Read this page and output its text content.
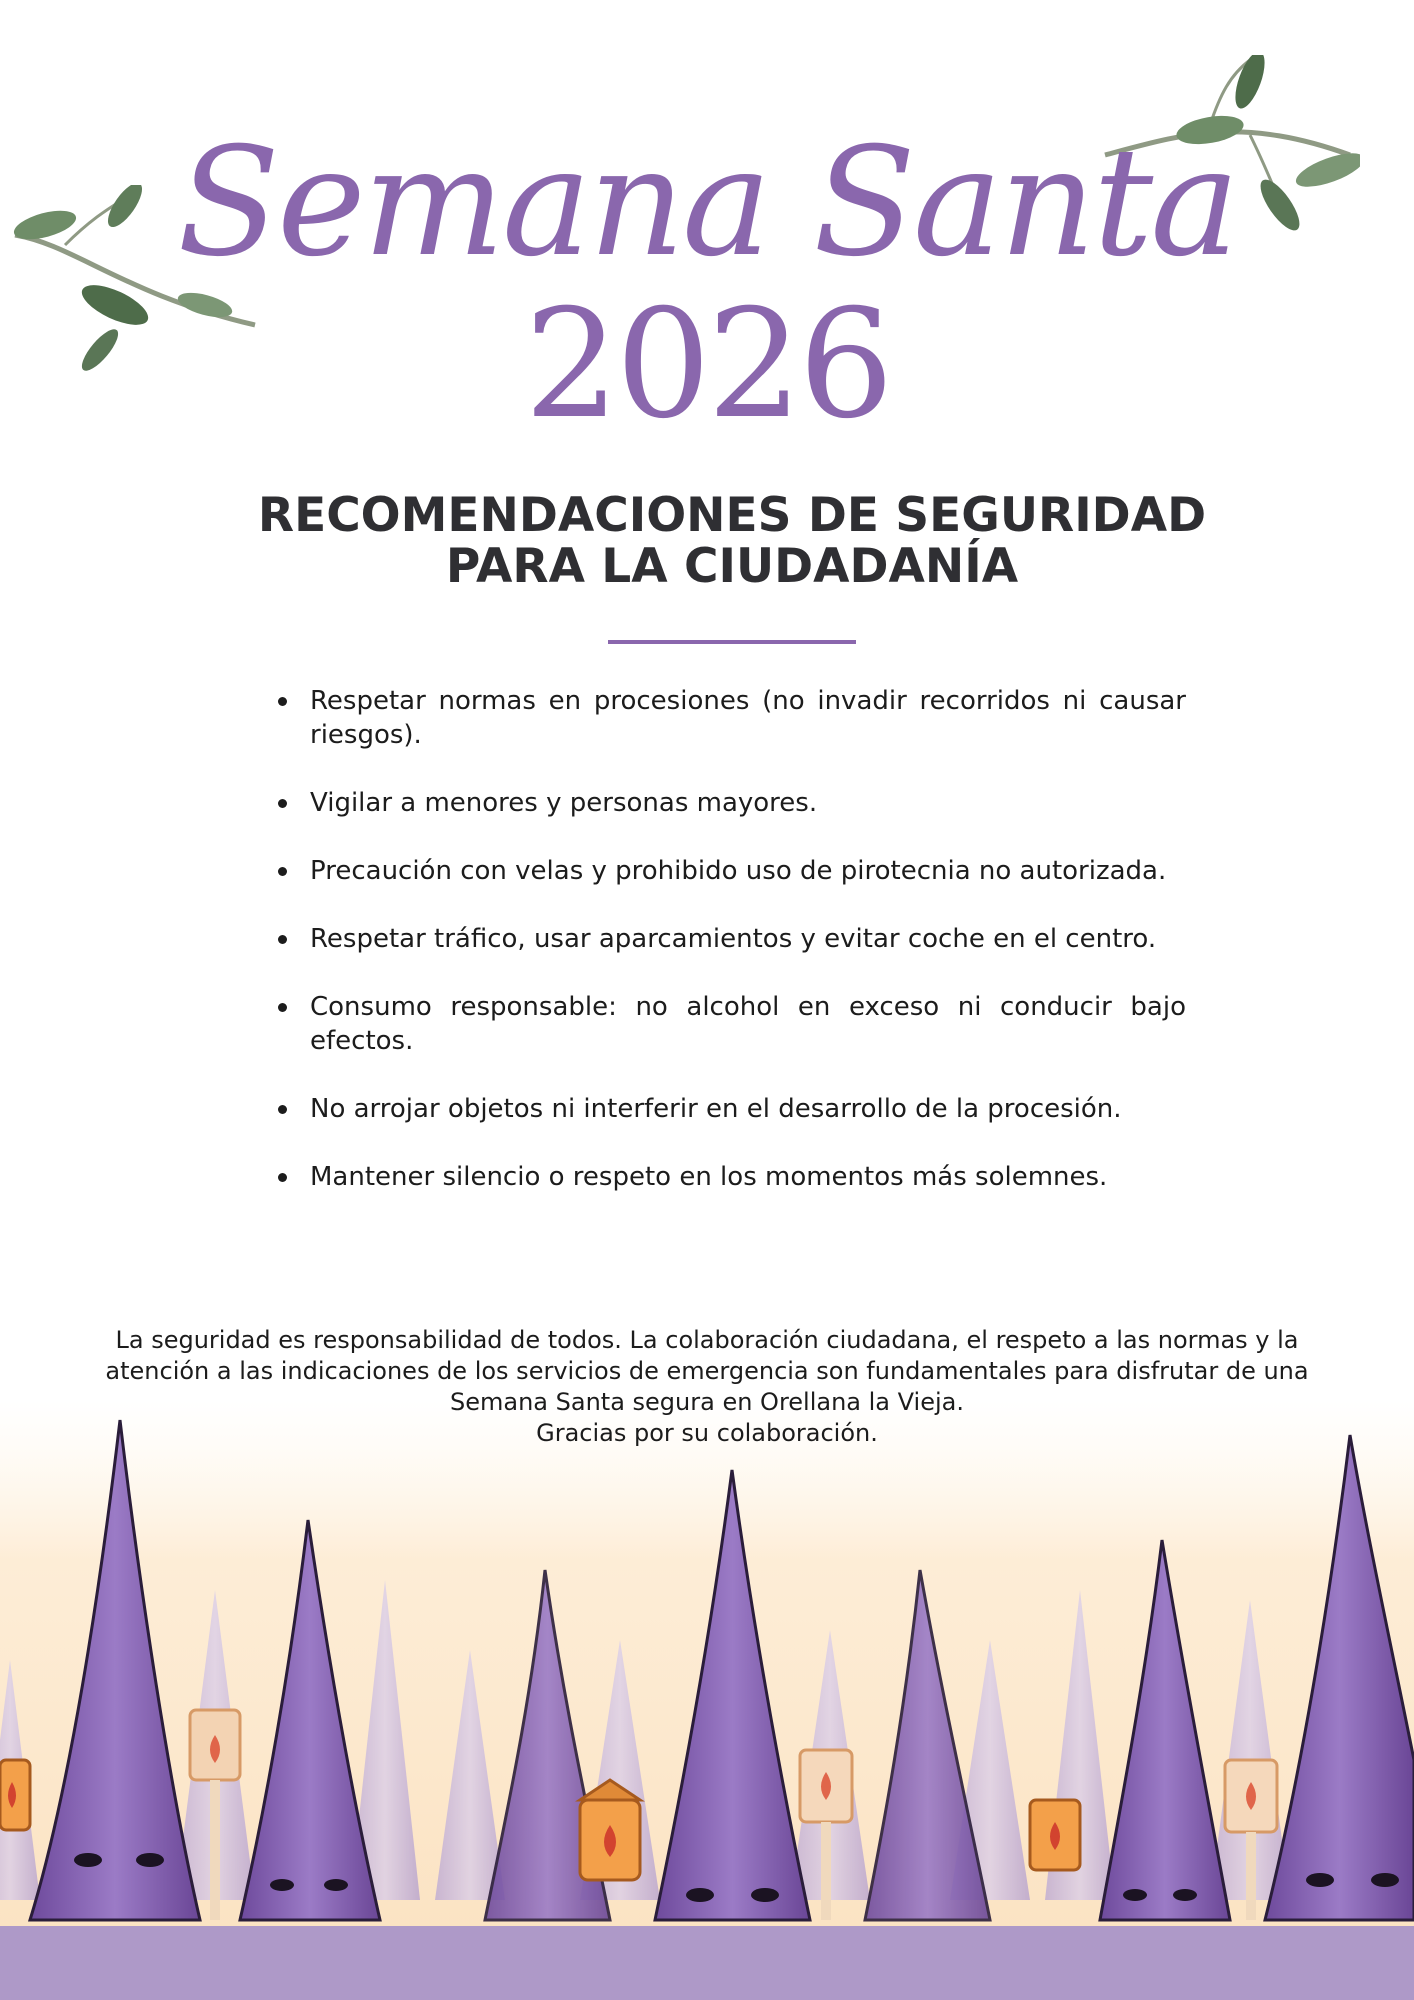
Semana Santa
2026
RECOMENDACIONES DE SEGURIDAD
PARA LA CIUDADANÍA
Respetar normas en procesiones (no invadir recorridos ni causar riesgos).
Vigilar a menores y personas mayores.
Precaución con velas y prohibido uso de pirotecnia no autorizada.
Respetar tráfico, usar aparcamientos y evitar coche en el centro.
Consumo responsable: no alcohol en exceso ni conducir bajo efectos.
No arrojar objetos ni interferir en el desarrollo de la procesión.
Mantener silencio o respeto en los momentos más solemnes.
La seguridad es responsabilidad de todos. La colaboración ciudadana, el respeto a las normas y la
atención a las indicaciones de los servicios de emergencia son fundamentales para disfrutar de una
Semana Santa segura en Orellana la Vieja.
Gracias por su colaboración.
